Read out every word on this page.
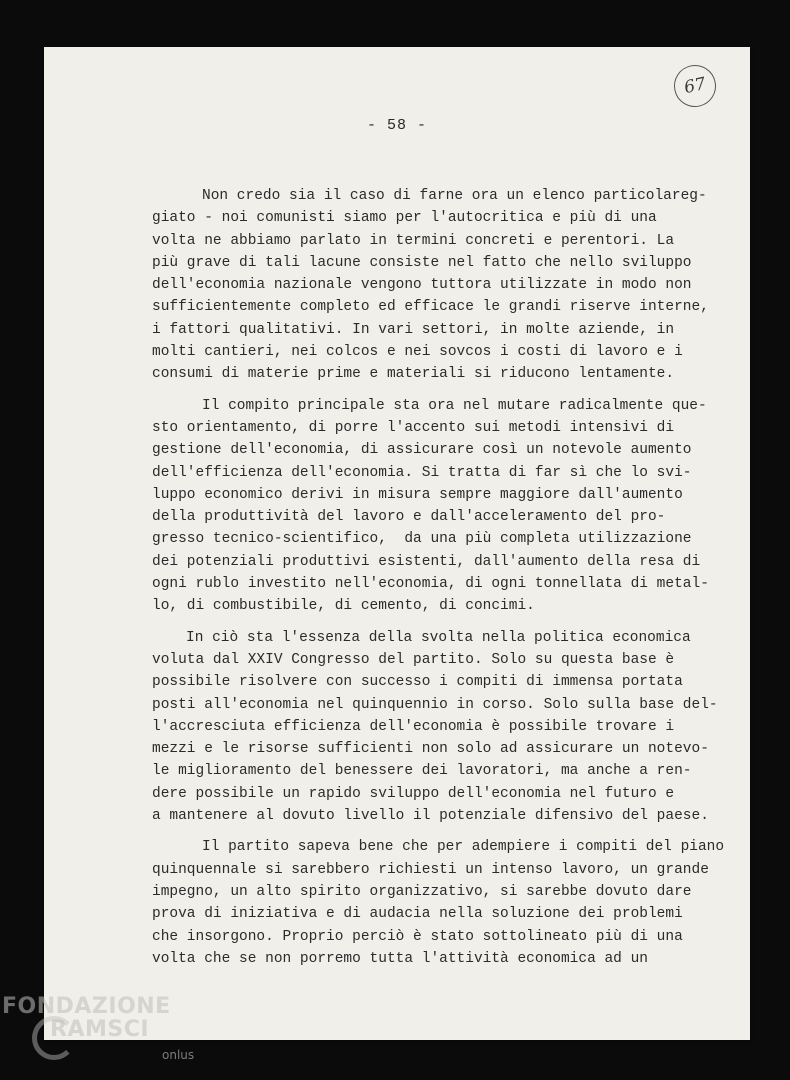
67
- 58 -
Non credo sia il caso di farne ora un elenco particolareg-
giato - noi comunisti siamo per l'autocritica e più di una
volta ne abbiamo parlato in termini concreti e perentori. La
più grave di tali lacune consiste nel fatto che nello sviluppo
dell'economia nazionale vengono tuttora utilizzate in modo non
sufficientemente completo ed efficace le grandi riserve interne,
i fattori qualitativi. In vari settori, in molte aziende, in
molti cantieri, nei colcos e nei sovcos i costi di lavoro e i
consumi di materie prime e materiali si riducono lentamente.
Il compito principale sta ora nel mutare radicalmente que-
sto orientamento, di porre l'accento sui metodi intensivi di
gestione dell'economia, di assicurare così un notevole aumento
dell'efficienza dell'economia. Si tratta di far sì che lo svi-
luppo economico derivi in misura sempre maggiore dall'aumento
della produttività del lavoro e dall'accelerамento del pro-
gresso tecnico-scientifico,  da una più completa utilizzazione
dei potenziali produttivi esistenti, dall'aumento della resa di
ogni rublo investito nell'economia, di ogni tonnellata di metal-
lo, di combustibile, di cemento, di concimi.
In ciò sta l'essenza della svolta nella politica economica
voluta dal XXIV Congresso del partito. Solo su questa base è
possibile risolvere con successo i compiti di immensa portata
posti all'economia nel quinquennio in corso. Solo sulla base del-
l'accresciuta efficienza dell'economia è possibile trovare i
mezzi e le risorse sufficienti non solo ad assicurare un notevo-
le miglioramento del benessere dei lavoratori, ma anche a ren-
dere possibile un rapido sviluppo dell'economia nel futuro e
a mantenere al dovuto livello il potenziale difensivo del paese.
Il partito sapeva bene che per adempiere i compiti del piano
quinquennale si sarebbero richiesti un intenso lavoro, un grande
impegno, un alto spirito organizzativo, si sarebbe dovuto dare
prova di iniziativa e di audacia nella soluzione dei problemi
che insorgono. Proprio perciò è stato sottolineato più di una
volta che se non porremo tutta l'attività economica ad un
FONDAZIONE
RAMSCI
onlus
